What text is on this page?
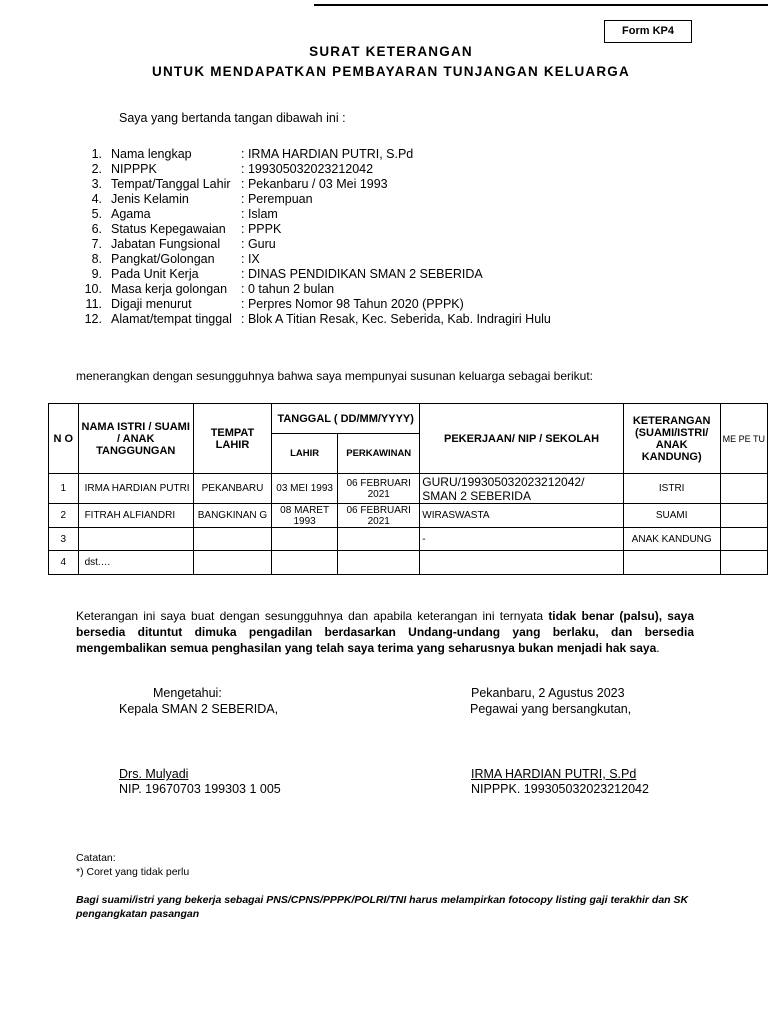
Form KP4
SURAT KETERANGAN
UNTUK MENDAPATKAN PEMBAYARAN TUNJANGAN KELUARGA
Saya yang bertanda tangan dibawah ini :
1. Nama lengkap	: IRMA HARDIAN PUTRI, S.Pd
2. NIPPPK	: 199305032023212042
3. Tempat/Tanggal Lahir : Pekanbaru / 03 Mei 1993
4. Jenis Kelamin	: Perempuan
5. Agama	: Islam
6. Status Kepegawaian : PPPK
7. Jabatan Fungsional : Guru
8. Pangkat/Golongan : IX
9. Pada Unit Kerja	: DINAS PENDIDIKAN SMAN 2 SEBERIDA
10. Masa kerja golongan : 0 tahun 2 bulan
11. Digaji menurut	: Perpres Nomor 98 Tahun 2020 (PPPK)
12. Alamat/tempat tinggal : Blok A Titian Resak, Kec. Seberida, Kab. Indragiri Hulu
menerangkan dengan sesungguhnya bahwa saya mempunyai susunan keluarga sebagai berikut:
N O	NAMA ISTRI / SUAMI / ANAK TANGGUNGAN	TEMPAT LAHIR	TANGGAL ( DD/MM/YYYY)		PEKERJAAN/ NIP / SEKOLAH	KETERANGAN (SUAMI/ISTRI/ ANAK KANDUNG)	ME PE TU
			LAHIR	PERKAWINAN			
1	IRMA HARDIAN PUTRI	PEKANBARU	03 MEI 1993	06 FEBRUARI 2021	GURU/199305032023212042/ SMAN 2 SEBERIDA	ISTRI	
2	FITRAH ALFIANDRI	BANGKINAN G	08 MARET 1993	06 FEBRUARI 2021	WIRASWASTA	SUAMI	
3					-	ANAK KANDUNG	
4	dst.…						
Keterangan ini saya buat dengan sesungguhnya dan apabila keterangan ini ternyata tidak benar (palsu), saya bersedia dituntut dimuka pengadilan berdasarkan Undang-undang yang berlaku, dan bersedia mengembalikan semua penghasilan yang telah saya terima yang seharusnya bukan menjadi hak saya.
Mengetahui:
Kepala SMAN 2 SEBERIDA,
Drs. Mulyadi
NIP. 19670703 199303 1 005
Pekanbaru, 2 Agustus 2023
Pegawai yang bersangkutan,
IRMA HARDIAN PUTRI, S.Pd
NIPPPK. 199305032023212042
Catatan:
*) Coret yang tidak perlu
Bagi suami/istri yang bekerja sebagai PNS/CPNS/PPPK/POLRI/TNI harus melampirkan fotocopy listing gaji terakhir dan SK pengangkatan pasangan
